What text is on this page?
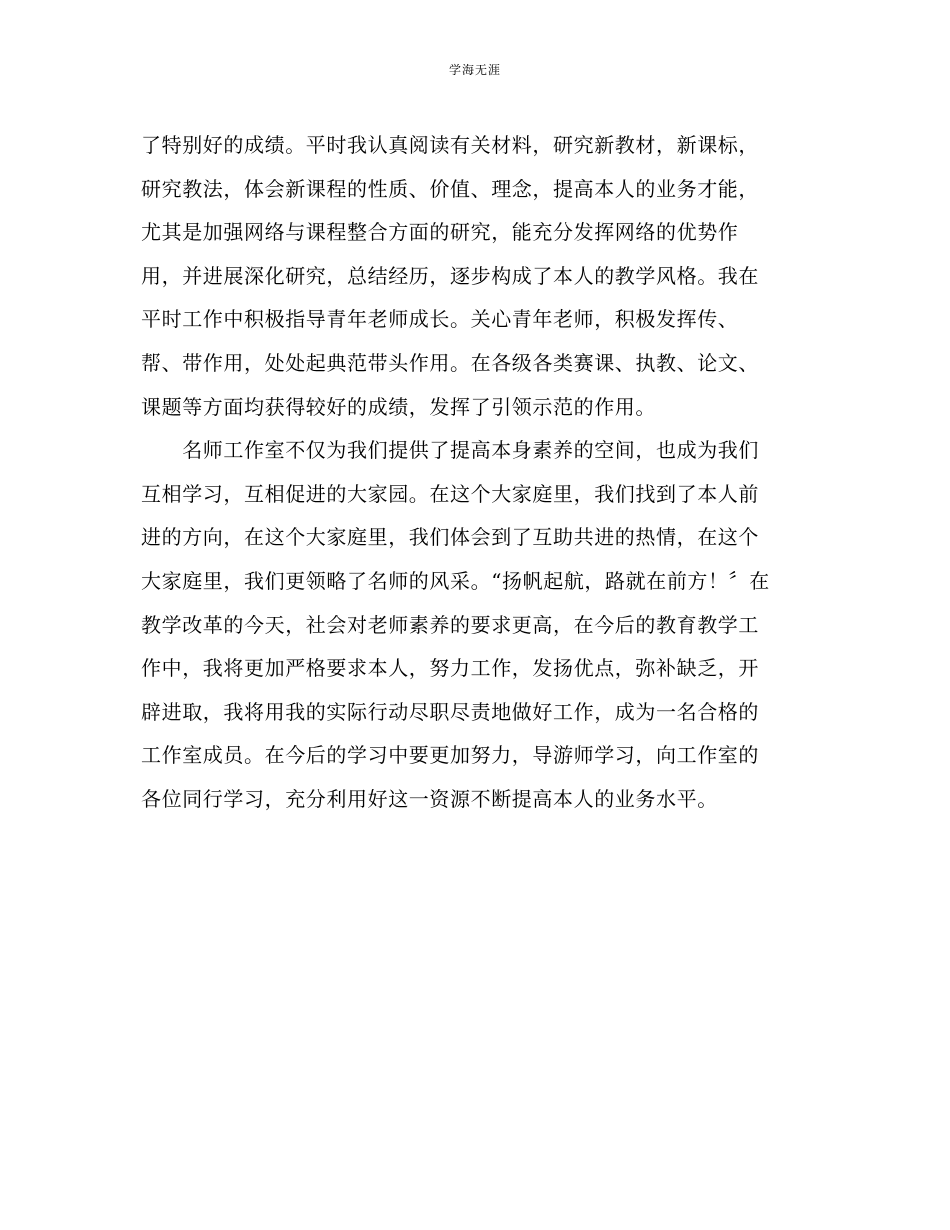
学海无涯
了特别好的成绩。平时我认真阅读有关材料，研究新教材，新课标，
研究教法，体会新课程的性质、价值、理念，提高本人的业务才能，
尤其是加强网络与课程整合方面的研究，能充分发挥网络的优势作
用，并进展深化研究，总结经历，逐步构成了本人的教学风格。我在
平时工作中积极指导青年老师成长。关心青年老师，积极发挥传、
帮、带作用，处处起典范带头作用。在各级各类赛课、执教、论文、
课题等方面均获得较好的成绩，发挥了引领示范的作用。
　　名师工作室不仅为我们提供了提高本身素养的空间，也成为我们
互相学习，互相促进的大家园。在这个大家庭里，我们找到了本人前
进的方向，在这个大家庭里，我们体会到了互助共进的热情，在这个
大家庭里，我们更领略了名师的风采。“扬帆起航，路就在前方！〞在
教学改革的今天，社会对老师素养的要求更高，在今后的教育教学工
作中，我将更加严格要求本人，努力工作，发扬优点，弥补缺乏，开
辟进取，我将用我的实际行动尽职尽责地做好工作，成为一名合格的
工作室成员。在今后的学习中要更加努力，导游师学习，向工作室的
各位同行学习，充分利用好这一资源不断提高本人的业务水平。
